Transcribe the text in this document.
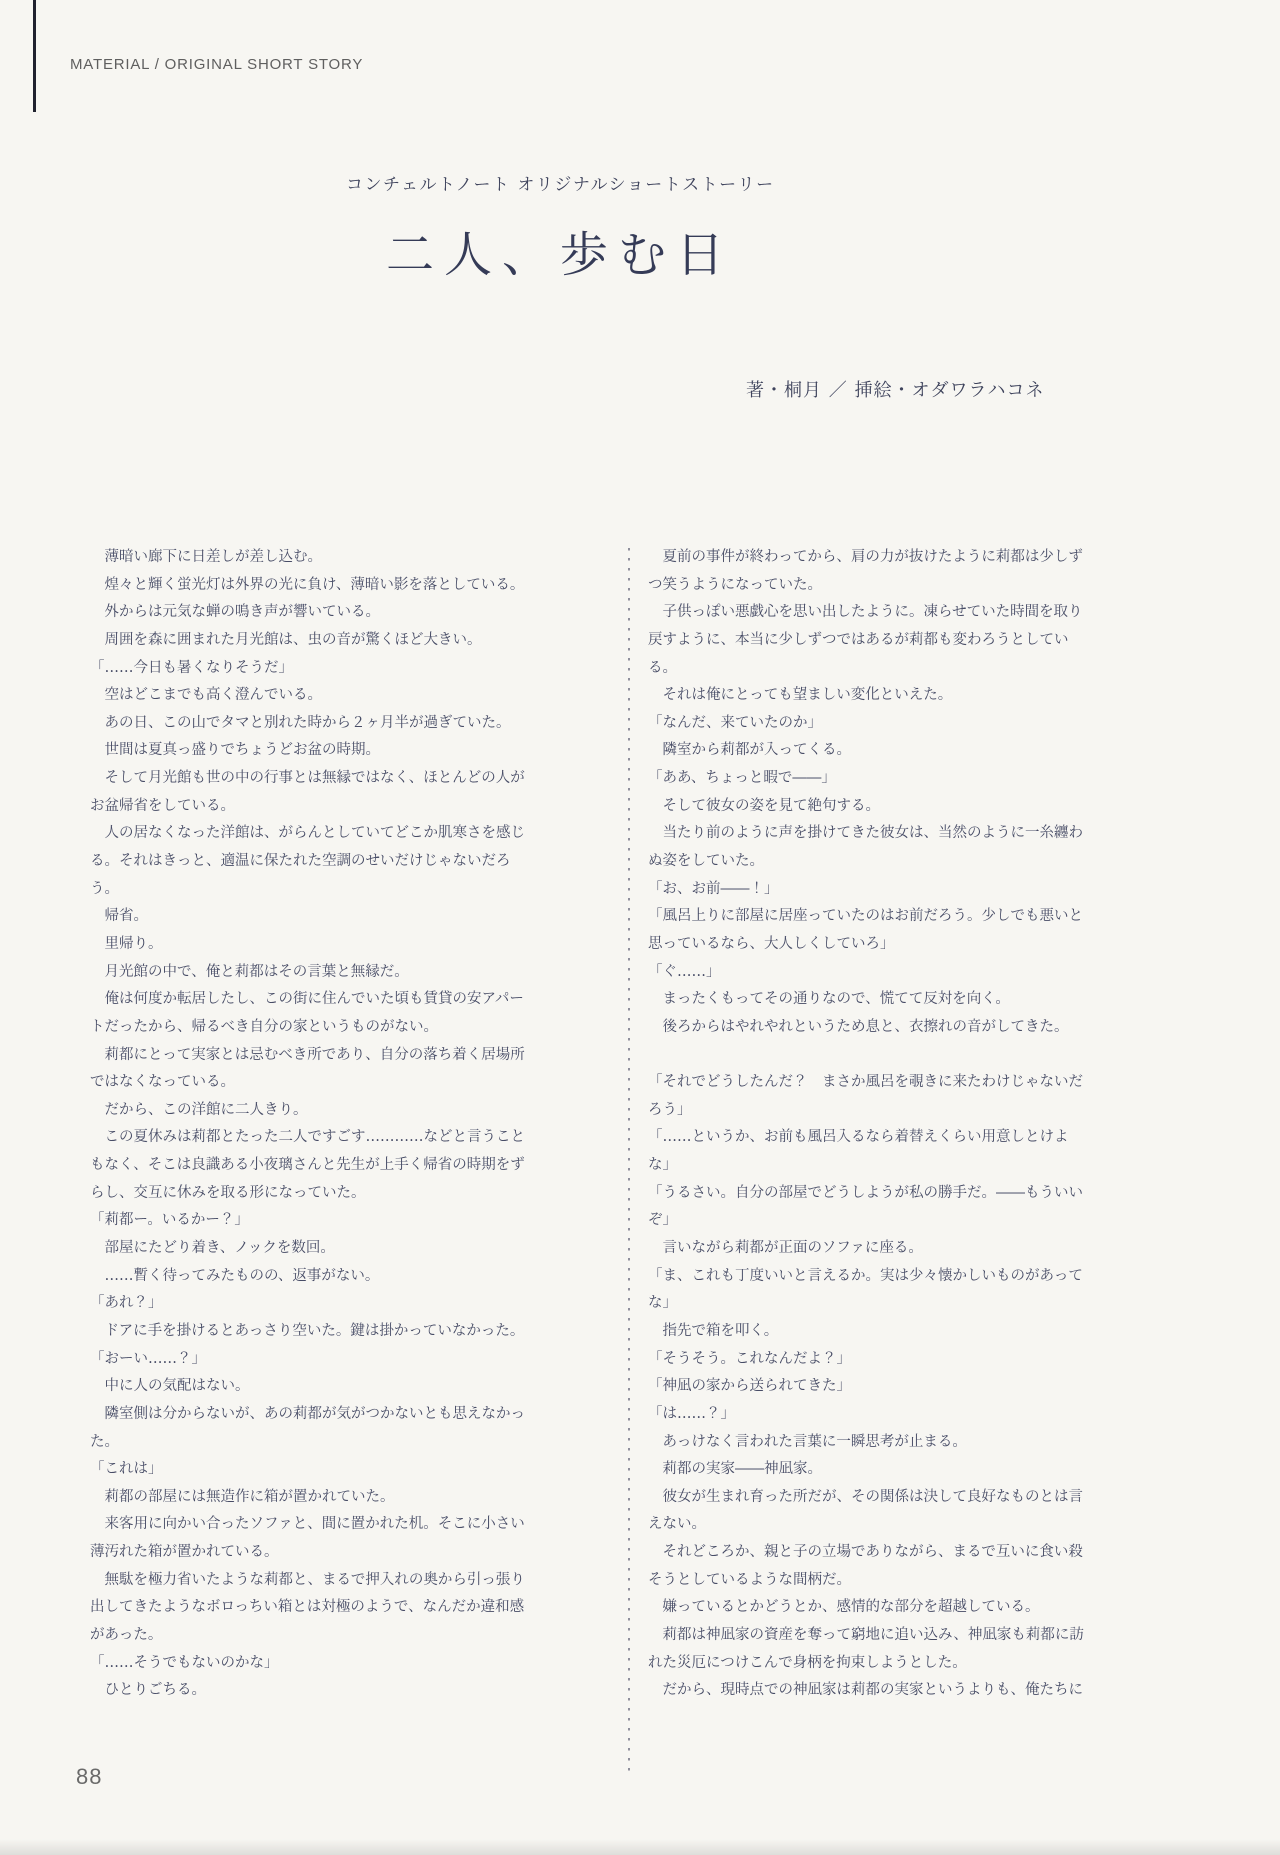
MATERIAL / ORIGINAL SHORT STORY
コンチェルトノート オリジナルショートストーリー
二人、歩む日
著・桐月 ／ 挿絵・オダワラハコネ
　薄暗い廊下に日差しが差し込む。
　煌々と輝く蛍光灯は外界の光に負け、薄暗い影を落としている。
　外からは元気な蝉の鳴き声が響いている。
　周囲を森に囲まれた月光館は、虫の音が驚くほど大きい。
「……今日も暑くなりそうだ」
　空はどこまでも高く澄んでいる。
　あの日、この山でタマと別れた時から２ヶ月半が過ぎていた。
　世間は夏真っ盛りでちょうどお盆の時期。
　そして月光館も世の中の行事とは無縁ではなく、ほとんどの人が
お盆帰省をしている。
　人の居なくなった洋館は、がらんとしていてどこか肌寒さを感じ
る。それはきっと、適温に保たれた空調のせいだけじゃないだろ
う。
　帰省。
　里帰り。
　月光館の中で、俺と莉都はその言葉と無縁だ。
　俺は何度か転居したし、この街に住んでいた頃も賃貸の安アパー
トだったから、帰るべき自分の家というものがない。
　莉都にとって実家とは忌むべき所であり、自分の落ち着く居場所
ではなくなっている。
　だから、この洋館に二人きり。
　この夏休みは莉都とたった二人ですごす…………などと言うこと
もなく、そこは良識ある小夜璃さんと先生が上手く帰省の時期をず
らし、交互に休みを取る形になっていた。
「莉都ー。いるかー？」
　部屋にたどり着き、ノックを数回。
　……暫く待ってみたものの、返事がない。
「あれ？」
　ドアに手を掛けるとあっさり空いた。鍵は掛かっていなかった。
「おーい……？」
　中に人の気配はない。
　隣室側は分からないが、あの莉都が気がつかないとも思えなかっ
た。
「これは」
　莉都の部屋には無造作に箱が置かれていた。
　来客用に向かい合ったソファと、間に置かれた机。そこに小さい
薄汚れた箱が置かれている。
　無駄を極力省いたような莉都と、まるで押入れの奥から引っ張り
出してきたようなボロっちい箱とは対極のようで、なんだか違和感
があった。
「……そうでもないのかな」
　ひとりごちる。
　夏前の事件が終わってから、肩の力が抜けたように莉都は少しず
つ笑うようになっていた。
　子供っぽい悪戯心を思い出したように。凍らせていた時間を取り
戻すように、本当に少しずつではあるが莉都も変わろうとしてい
る。
　それは俺にとっても望ましい変化といえた。
「なんだ、来ていたのか」
　隣室から莉都が入ってくる。
「ああ、ちょっと暇で――」
　そして彼女の姿を見て絶句する。
　当たり前のように声を掛けてきた彼女は、当然のように一糸纏わ
ぬ姿をしていた。
「お、お前――！」
「風呂上りに部屋に居座っていたのはお前だろう。少しでも悪いと
思っているなら、大人しくしていろ」
「ぐ……」
　まったくもってその通りなので、慌てて反対を向く。
　後ろからはやれやれというため息と、衣擦れの音がしてきた。

「それでどうしたんだ？　まさか風呂を覗きに来たわけじゃないだ
ろう」
「……というか、お前も風呂入るなら着替えくらい用意しとけよ
な」
「うるさい。自分の部屋でどうしようが私の勝手だ。――もういい
ぞ」
　言いながら莉都が正面のソファに座る。
「ま、これも丁度いいと言えるか。実は少々懐かしいものがあって
な」
　指先で箱を叩く。
「そうそう。これなんだよ？」
「神凪の家から送られてきた」
「は……？」
　あっけなく言われた言葉に一瞬思考が止まる。
　莉都の実家――神凪家。
　彼女が生まれ育った所だが、その関係は決して良好なものとは言
えない。
　それどころか、親と子の立場でありながら、まるで互いに食い殺
そうとしているような間柄だ。
　嫌っているとかどうとか、感情的な部分を超越している。
　莉都は神凪家の資産を奪って窮地に追い込み、神凪家も莉都に訪
れた災厄につけこんで身柄を拘束しようとした。
　だから、現時点での神凪家は莉都の実家というよりも、俺たちに
88
